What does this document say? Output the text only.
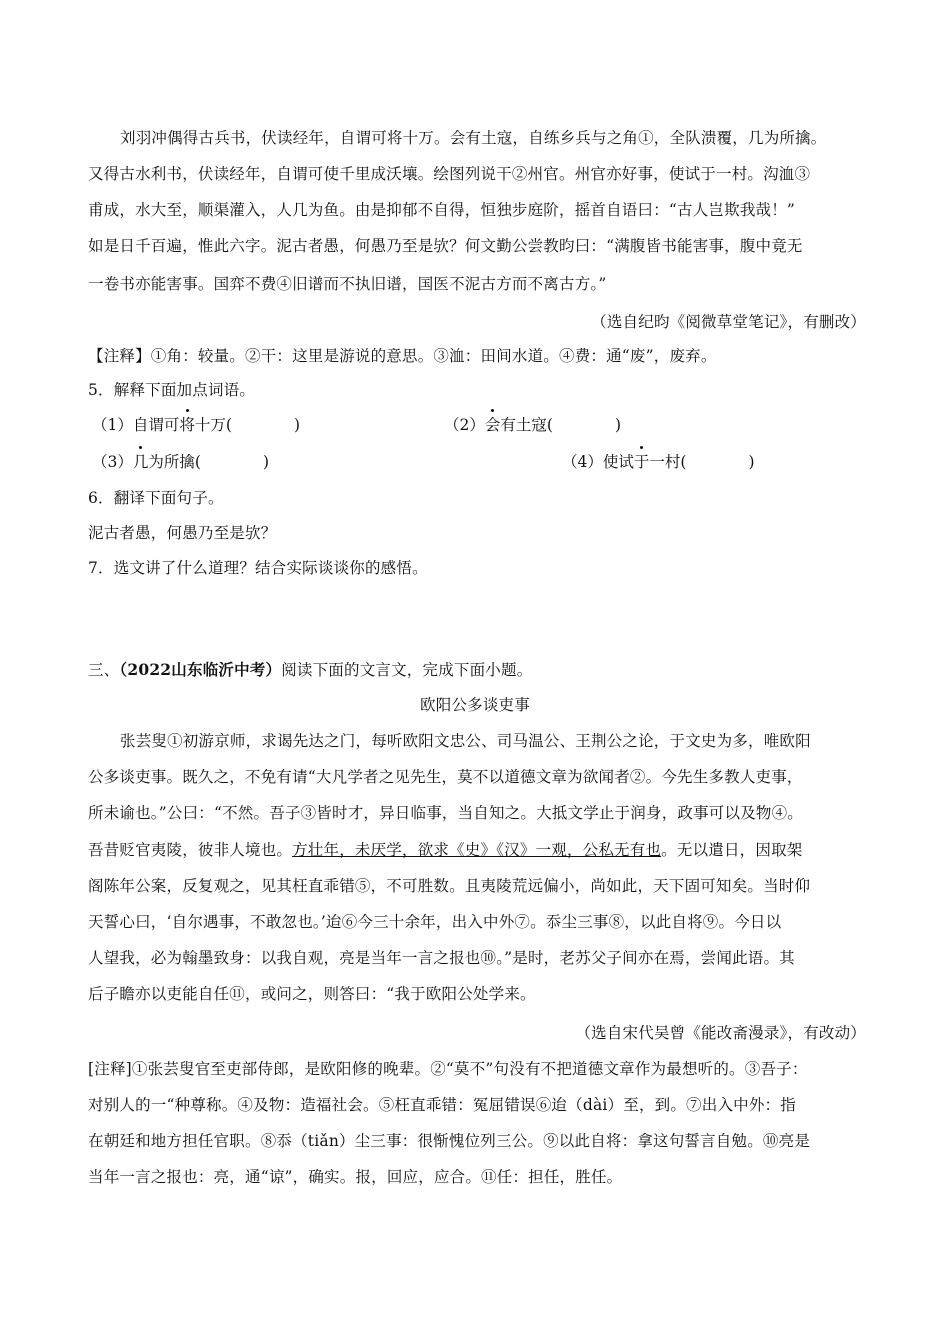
刘羽冲偶得古兵书，伏读经年，自谓可将十万。会有土寇，自练乡兵与之角①，全队溃覆，几为所擒。
又得古水利书，伏读经年，自谓可使千里成沃壤。绘图列说干②州官。州官亦好事，使试于一村。沟洫③
甫成，水大至，顺渠灌入，人几为鱼。由是抑郁不自得，恒独步庭阶，摇首自语曰：“古人岂欺我哉！”
如是日千百遍，惟此六字。泥古者愚，何愚乃至是欤？何文勤公尝教昀曰：“满腹皆书能害事，腹中竟无
一卷书亦能害事。国弈不费④旧谱而不执旧谱，国医不泥古方而不离古方。”
（选自纪昀《阅微草堂笔记》，有删改）
【注释】①角：较量。②干：这里是游说的意思。③洫：田间水道。④费：通“废”，废弃。
5．解释下面加点词语。
（1）自谓可将十万(	)	（2）会有土寇(	)
（3）几为所擒(	)	（4）使试于一村(	)
6．翻译下面句子。
泥古者愚，何愚乃至是欤？
7．选文讲了什么道理？结合实际谈谈你的感悟。
三、（2022山东临沂中考）阅读下面的文言文，完成下面小题。
欧阳公多谈吏事
张芸叟①初游京师，求谒先达之门，每听欧阳文忠公、司马温公、王荆公之论，于文史为多，唯欧阳
公多谈吏事。既久之，不免有请“大凡学者之见先生，莫不以道德文章为欲闻者②。今先生多教人吏事，
所未谕也。”公曰：“不然。吾子③皆时才，异日临事，当自知之。大抵文学止于润身，政事可以及物④。
吾昔贬官夷陵，彼非人境也。方壮年，未厌学，欲求《史》《汉》一观，公私无有也。无以遣日，因取架
阁陈年公案，反复观之，见其枉直乖错⑤，不可胜数。且夷陵荒远偏小，尚如此，天下固可知矣。当时仰
天誓心曰，‘自尔遇事，不敢忽也。’迨⑥今三十余年，出入中外⑦。忝尘三事⑧，以此自将⑨。今日以
人望我，必为翰墨致身：以我自观，亮是当年一言之报也⑩。”是时，老苏父子间亦在焉，尝闻此语。其
后子瞻亦以吏能自任⑪，或问之，则答曰：“我于欧阳公处学来。
（选自宋代吴曾《能改斋漫录》，有改动）
[注释]①张芸叟官至吏部侍郎，是欧阳修的晚辈。②“莫不”句没有不把道德文章作为最想听的。③吾子：
对别人的一“种尊称。④及物：造福社会。⑤枉直乖错：冤屈错误⑥迨（dài）至，到。⑦出入中外：指
在朝廷和地方担任官职。⑧忝（tiǎn）尘三事：很惭愧位列三公。⑨以此自将：拿这句誓言自勉。⑩亮是
当年一言之报也：亮，通“谅”，确实。报，回应，应合。⑪任：担任，胜任。
